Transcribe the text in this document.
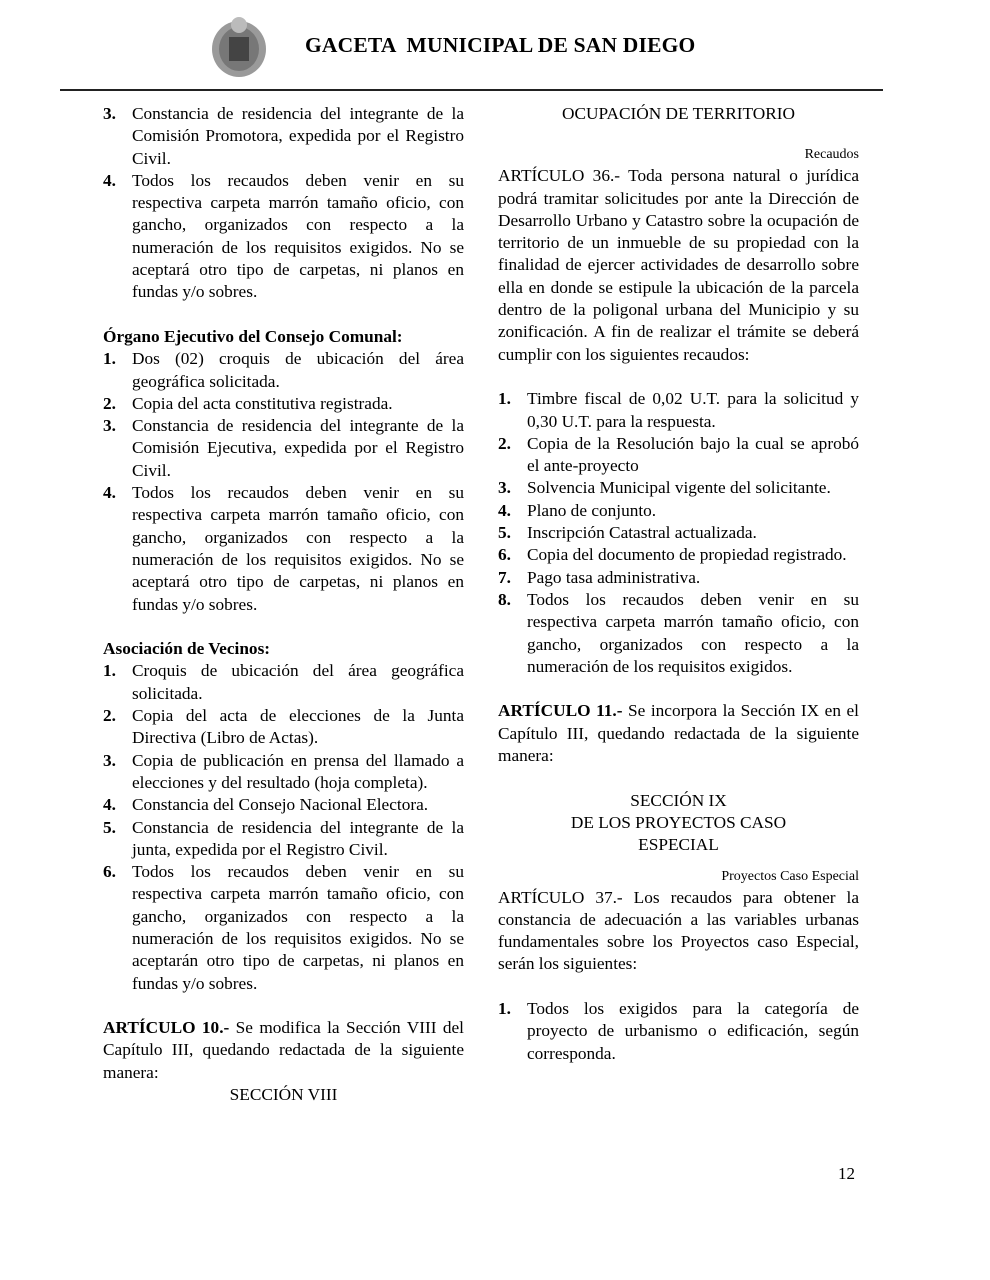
GACETA  MUNICIPAL DE SAN DIEGO
3. Constancia de residencia del integrante de la Comisión Promotora, expedida por el Registro Civil.
4. Todos los recaudos deben venir en su respectiva carpeta marrón tamaño oficio, con gancho, organizados con respecto a la numeración de los requisitos exigidos. No se aceptará otro tipo de carpetas, ni planos en fundas y/o sobres.
Órgano Ejecutivo del Consejo Comunal:
1. Dos (02) croquis de ubicación del área geográfica solicitada.
2. Copia del acta constitutiva registrada.
3. Constancia de residencia del integrante de la Comisión Ejecutiva, expedida por el Registro Civil.
4. Todos los recaudos deben venir en su respectiva carpeta marrón tamaño oficio, con gancho, organizados con respecto a la numeración de los requisitos exigidos. No se aceptará otro tipo de carpetas, ni planos en fundas y/o sobres.
Asociación de Vecinos:
1. Croquis de ubicación del área geográfica solicitada.
2. Copia del acta de elecciones de la Junta Directiva (Libro de Actas).
3. Copia de publicación en prensa del llamado a elecciones y del resultado (hoja completa).
4. Constancia del Consejo Nacional Electora.
5. Constancia de residencia del integrante de la junta, expedida por el Registro Civil.
6. Todos los recaudos deben venir en su respectiva carpeta marrón tamaño oficio, con gancho, organizados con respecto a la numeración de los requisitos exigidos. No se aceptarán otro tipo de carpetas, ni planos en fundas y/o sobres.
ARTÍCULO 10.- Se modifica la Sección VIII del Capítulo III, quedando redactada de la siguiente manera:
SECCIÓN VIII
OCUPACIÓN DE TERRITORIO
Recaudos
ARTÍCULO 36.- Toda persona natural o jurídica podrá tramitar solicitudes por ante la Dirección de Desarrollo Urbano y Catastro sobre la ocupación de territorio de un inmueble de su propiedad con la finalidad de ejercer actividades de desarrollo sobre ella en donde se estipule la ubicación de la parcela dentro de la poligonal urbana del Municipio y su zonificación. A fin de realizar el trámite se deberá cumplir con los siguientes recaudos:
1. Timbre fiscal de 0,02 U.T. para la solicitud y 0,30 U.T. para la respuesta.
2. Copia de la Resolución bajo la cual se aprobó el ante-proyecto
3. Solvencia Municipal vigente del solicitante.
4. Plano de conjunto.
5. Inscripción Catastral actualizada.
6. Copia del documento de propiedad registrado.
7. Pago tasa administrativa.
8. Todos los recaudos deben venir en su respectiva carpeta marrón tamaño oficio, con gancho, organizados con respecto a la numeración de los requisitos exigidos.
ARTÍCULO 11.- Se incorpora la Sección IX en el Capítulo III, quedando redactada de la siguiente manera:
SECCIÓN IX
DE LOS PROYECTOS CASO
ESPECIAL
Proyectos Caso Especial
ARTÍCULO 37.- Los recaudos para obtener la constancia de adecuación a las variables urbanas fundamentales sobre los Proyectos caso Especial, serán los siguientes:
1. Todos los exigidos para la categoría de proyecto de urbanismo o edificación, según corresponda.
12
